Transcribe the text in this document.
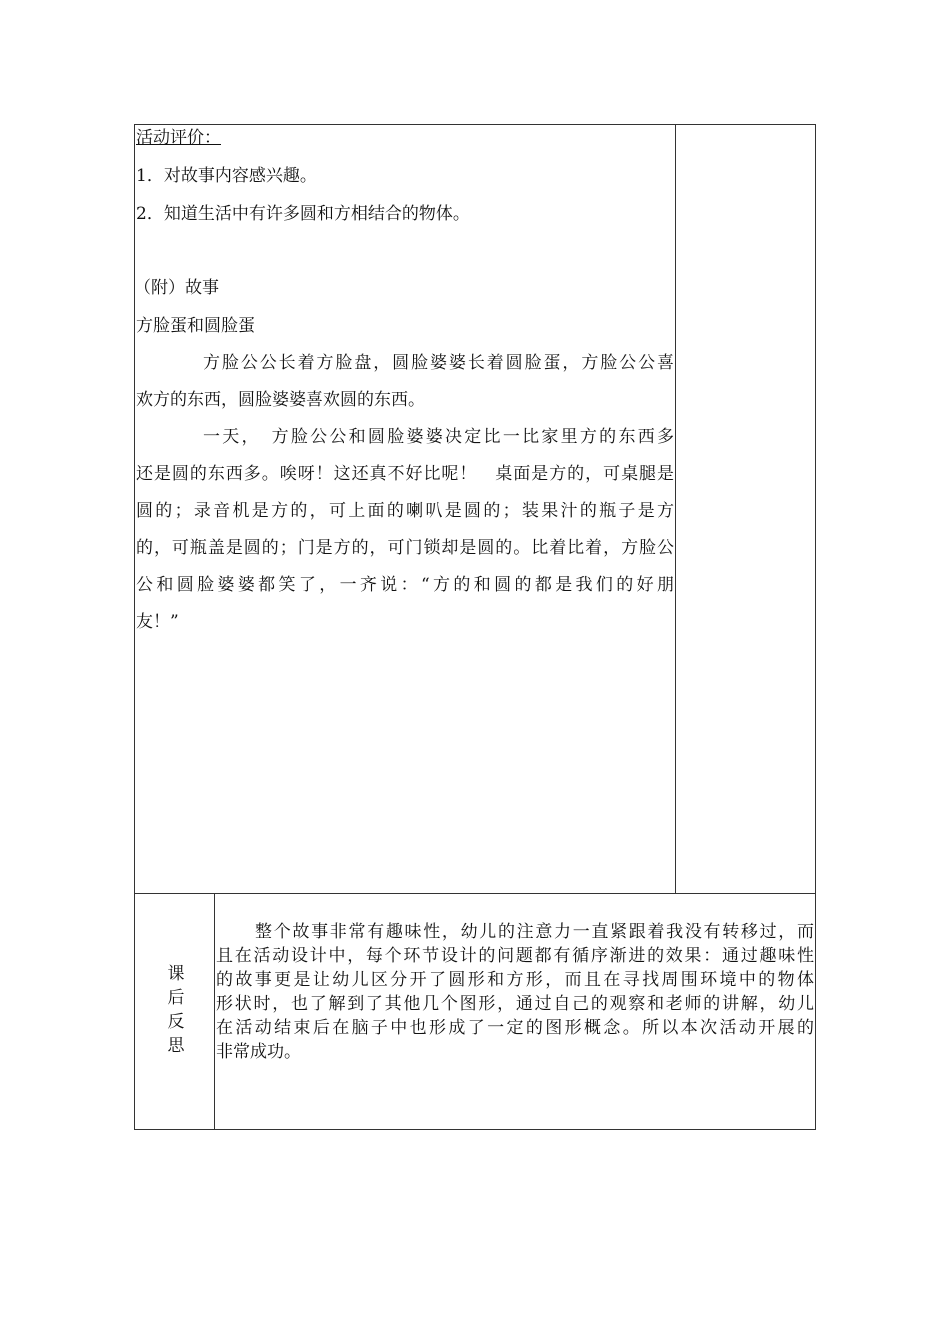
活动评价：
1．对故事内容感兴趣。
2．知道生活中有许多圆和方相结合的物体。
（附）故事
方脸蛋和圆脸蛋
方脸公公长着方脸盘，圆脸婆婆长着圆脸蛋，方脸公公喜
欢方的东西，圆脸婆婆喜欢圆的东西。
一天，　方脸公公和圆脸婆婆决定比一比家里方的东西多
还是圆的东西多。唉呀！这还真不好比呢！　桌面是方的，可桌腿是
圆的；录音机是方的，可上面的喇叭是圆的；装果汁的瓶子是方
的，可瓶盖是圆的；门是方的，可门锁却是圆的。比着比着，方脸公
公和圆脸婆婆都笑了，一齐说：“方的和圆的都是我们的好朋
友！”
课
后
反
思
整个故事非常有趣味性，幼儿的注意力一直紧跟着我没有转移过，而
且在活动设计中，每个环节设计的问题都有循序渐进的效果：通过趣味性
的故事更是让幼儿区分开了圆形和方形，而且在寻找周围环境中的物体
形状时，也了解到了其他几个图形，通过自己的观察和老师的讲解，幼儿
在活动结束后在脑子中也形成了一定的图形概念。所以本次活动开展的
非常成功。
